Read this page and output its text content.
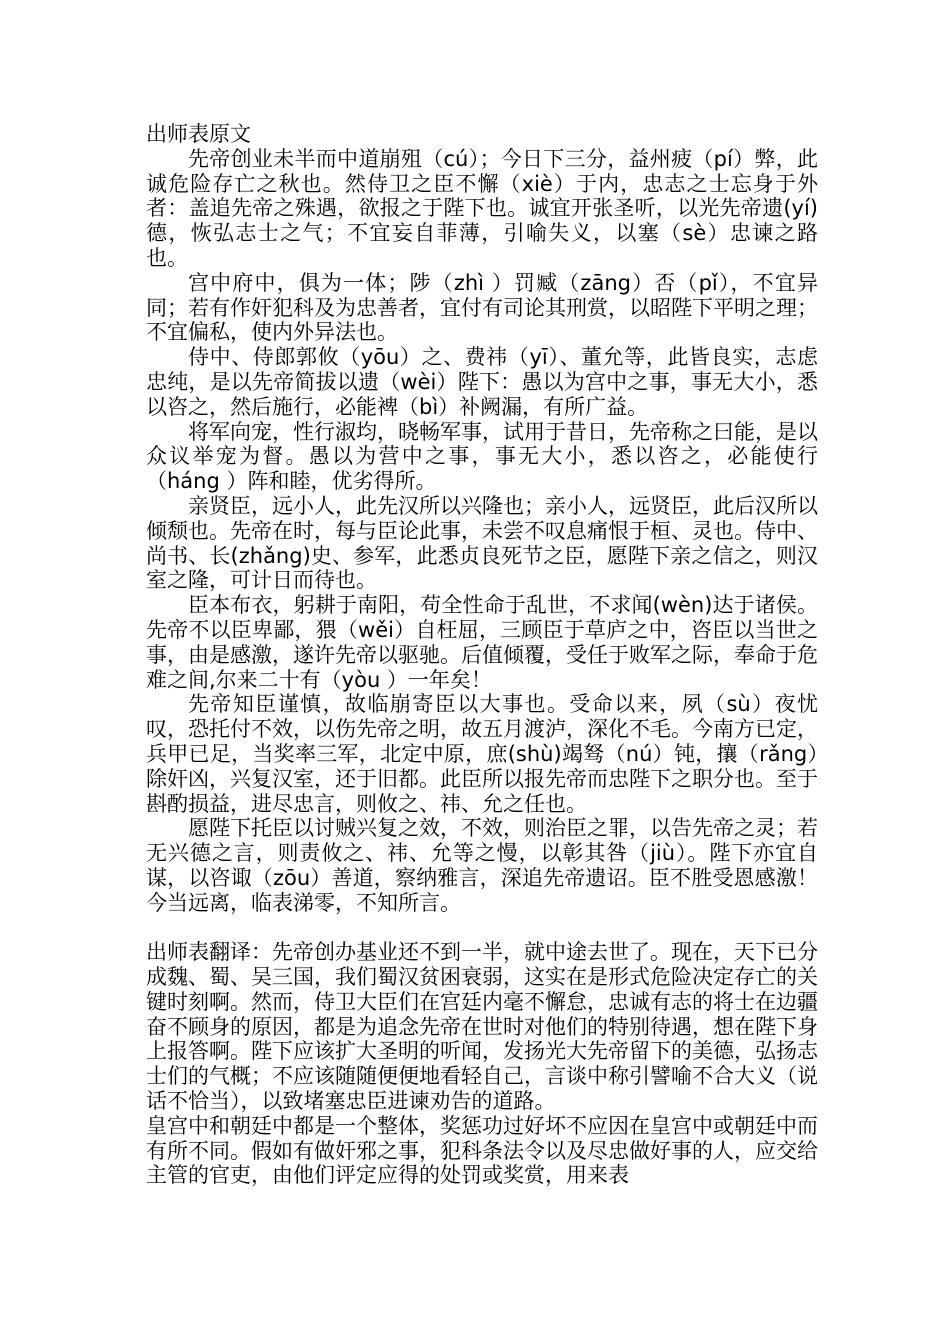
出师表原文

先帝创业未半而中道崩殂（cú）；今日下三分，益州疲（pí）弊，此诚危险存亡之秋也。然侍卫之臣不懈（xiè）于内，忠志之士忘身于外者：盖追先帝之殊遇，欲报之于陛下也。诚宜开张圣听，以光先帝遗(yí)德，恢弘志士之气；不宜妄自菲薄，引喻失义，以塞（sè）忠谏之路也。

宫中府中，俱为一体；陟（zhì ）罚臧（zāng）否（pǐ），不宜异同；若有作奸犯科及为忠善者，宜付有司论其刑赏，以昭陛下平明之理；不宜偏私，使内外异法也。

侍中、侍郎郭攸（yōu）之、费祎（yī）、董允等，此皆良实，志虑忠纯，是以先帝简拔以遗（wèi）陛下：愚以为宫中之事，事无大小，悉以咨之，然后施行，必能裨（bì）补阙漏，有所广益。

将军向宠，性行淑均，晓畅军事，试用于昔日，先帝称之曰能，是以众议举宠为督。愚以为营中之事，事无大小，悉以咨之，必能使行（háng ）阵和睦，优劣得所。

亲贤臣，远小人，此先汉所以兴隆也；亲小人，远贤臣，此后汉所以倾颓也。先帝在时，每与臣论此事，未尝不叹息痛恨于桓、灵也。侍中、尚书、长(zhǎng)史、参军，此悉贞良死节之臣，愿陛下亲之信之，则汉室之隆，可计日而待也。

臣本布衣，躬耕于南阳，苟全性命于乱世，不求闻(wèn)达于诸侯。先帝不以臣卑鄙，猥（wěi）自枉屈，三顾臣于草庐之中，咨臣以当世之事，由是感激，遂许先帝以驱驰。后值倾覆，受任于败军之际，奉命于危难之间,尔来二十有（yòu ）一年矣！

先帝知臣谨慎，故临崩寄臣以大事也。受命以来，夙（sù）夜忧叹，恐托付不效，以伤先帝之明，故五月渡泸，深化不毛。今南方已定，兵甲已足，当奖率三军，北定中原，庶(shù)竭驽（nú）钝，攘（rǎng）除奸凶，兴复汉室，还于旧都。此臣所以报先帝而忠陛下之职分也。至于斟酌损益，进尽忠言，则攸之、祎、允之任也。

愿陛下托臣以讨贼兴复之效，不效，则治臣之罪，以告先帝之灵；若无兴德之言，则责攸之、祎、允等之慢，以彰其咎（jiù）。陛下亦宜自谋，以咨诹（zōu）善道，察纳雅言，深追先帝遗诏。臣不胜受恩感激！ 今当远离，临表涕零，不知所言。

出师表翻译：先帝创办基业还不到一半，就中途去世了。现在，天下已分成魏、蜀、吴三国，我们蜀汉贫困衰弱，这实在是形式危险决定存亡的关键时刻啊。然而，侍卫大臣们在宫廷内毫不懈怠，忠诚有志的将士在边疆奋不顾身的原因，都是为追念先帝在世时对他们的特别待遇，想在陛下身上报答啊。陛下应该扩大圣明的听闻，发扬光大先帝留下的美德，弘扬志士们的气概；不应该随随便便地看轻自己，言谈中称引譬喻不合大义（说话不恰当），以致堵塞忠臣进谏劝告的道路。

皇宫中和朝廷中都是一个整体，奖惩功过好坏不应因在皇宫中或朝廷中而有所不同。假如有做奸邪之事，犯科条法令以及尽忠做好事的人，应交给主管的官吏，由他们评定应得的处罚或奖赏，用来表
